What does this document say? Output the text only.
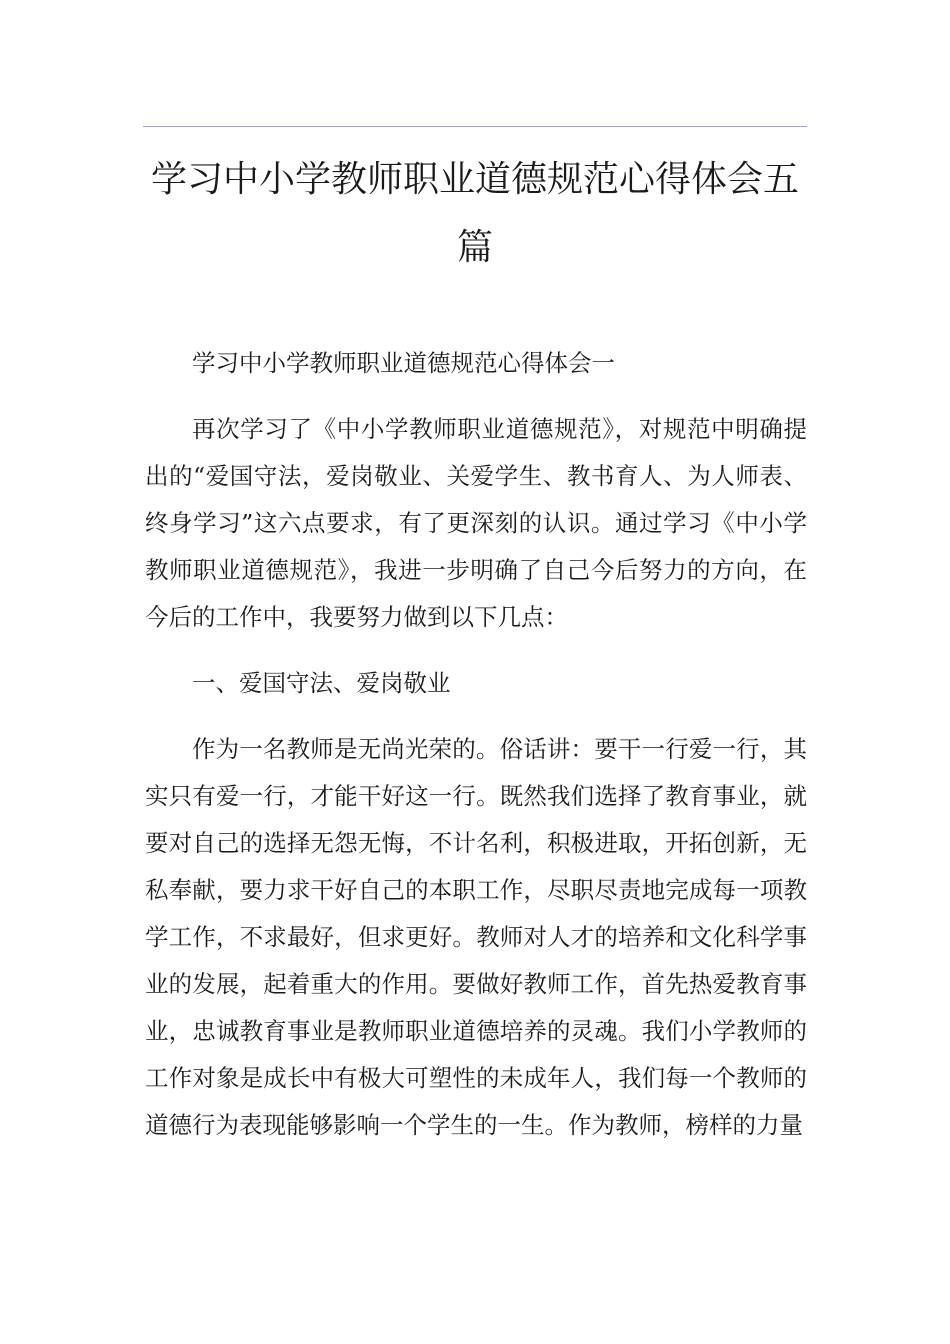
学习中小学教师职业道德规范心得体会五篇

学习中小学教师职业道德规范心得体会一

再次学习了《中小学教师职业道德规范》，对规范中明确提出的“爱国守法，爱岗敬业、关爱学生、教书育人、为人师表、终身学习”这六点要求，有了更深刻的认识。通过学习《中小学教师职业道德规范》，我进一步明确了自己今后努力的方向，在今后的工作中，我要努力做到以下几点：

一、爱国守法、爱岗敬业

作为一名教师是无尚光荣的。俗话讲：要干一行爱一行，其实只有爱一行，才能干好这一行。既然我们选择了教育事业，就要对自己的选择无怨无悔，不计名利，积极进取，开拓创新，无私奉献，要力求干好自己的本职工作，尽职尽责地完成每一项教学工作，不求最好，但求更好。教师对人才的培养和文化科学事业的发展，起着重大的作用。要做好教师工作，首先热爱教育事业，忠诚教育事业是教师职业道德培养的灵魂。我们小学教师的工作对象是成长中有极大可塑性的未成年人，我们每一个教师的道德行为表现能够影响一个学生的一生。作为教师，榜样的力量
